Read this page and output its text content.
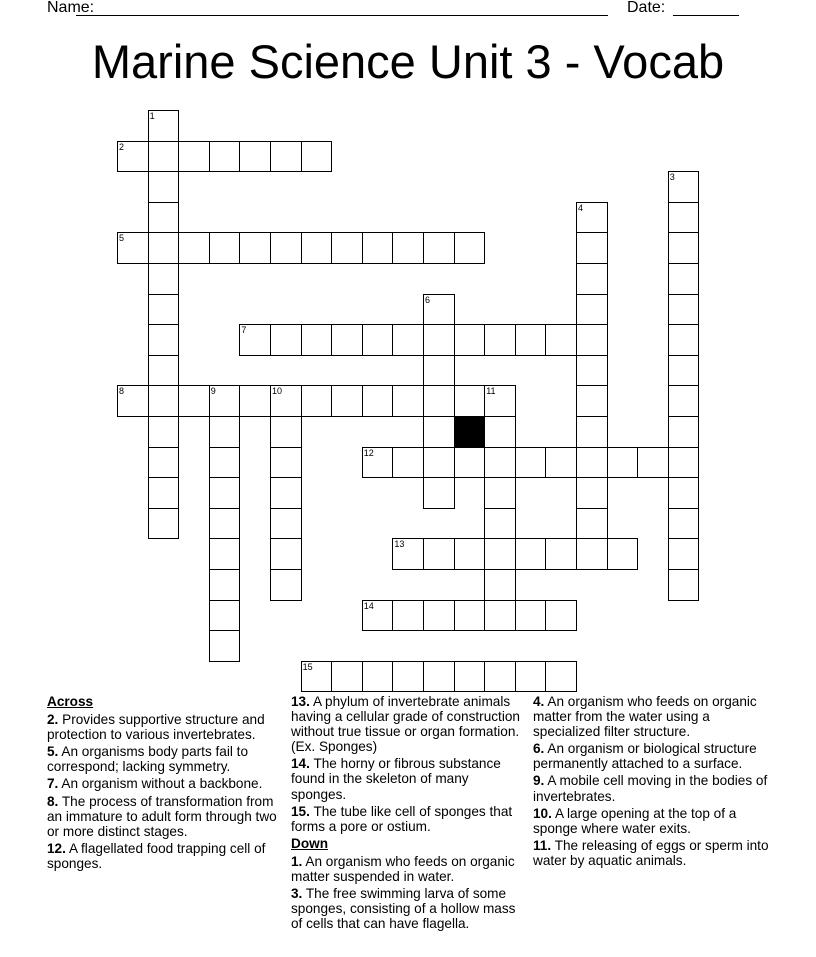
Name:	Date:
Marine Science Unit 3 - Vocab
1
2
3
4
5
6
7
8	9	10	11
12
13
14
15
Across
2. Provides supportive structure and protection to various invertebrates.
5. An organisms body parts fail to correspond; lacking symmetry.
7. An organism without a backbone.
8. The process of transformation from an immature to adult form through two or more distinct stages.
12. A flagellated food trapping cell of sponges.
13. A phylum of invertebrate animals having a cellular grade of construction without true tissue or organ formation. (Ex. Sponges)
14. The horny or fibrous substance found in the skeleton of many sponges.
15. The tube like cell of sponges that forms a pore or ostium.
Down
1. An organism who feeds on organic matter suspended in water.
3. The free swimming larva of some sponges, consisting of a hollow mass of cells that can have flagella.
4. An organism who feeds on organic matter from the water using a specialized filter structure.
6. An organism or biological structure permanently attached to a surface.
9. A mobile cell moving in the bodies of invertebrates.
10. A large opening at the top of a sponge where water exits.
11. The releasing of eggs or sperm into water by aquatic animals.
